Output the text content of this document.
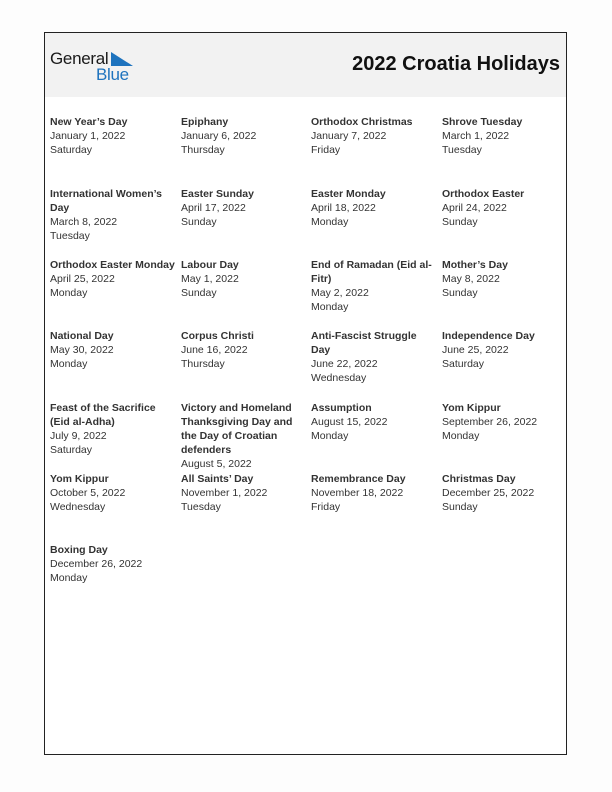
General
Blue	2022 Croatia Holidays
New Year’s Day
January 1, 2022
Saturday
Epiphany
January 6, 2022
Thursday
Orthodox Christmas
January 7, 2022
Friday
Shrove Tuesday
March 1, 2022
Tuesday
International Women’s Day
March 8, 2022
Tuesday
Easter Sunday
April 17, 2022
Sunday
Easter Monday
April 18, 2022
Monday
Orthodox Easter
April 24, 2022
Sunday
Orthodox Easter Monday
April 25, 2022
Monday
Labour Day
May 1, 2022
Sunday
End of Ramadan (Eid al-Fitr)
May 2, 2022
Monday
Mother’s Day
May 8, 2022
Sunday
National Day
May 30, 2022
Monday
Corpus Christi
June 16, 2022
Thursday
Anti-Fascist Struggle Day
June 22, 2022
Wednesday
Independence Day
June 25, 2022
Saturday
Feast of the Sacrifice (Eid al-Adha)
July 9, 2022
Saturday
Victory and Homeland Thanksgiving Day and the Day of Croatian defenders
August 5, 2022
Assumption
August 15, 2022
Monday
Yom Kippur
September 26, 2022
Monday
Yom Kippur
October 5, 2022
Wednesday
All Saints’ Day
November 1, 2022
Tuesday
Remembrance Day
November 18, 2022
Friday
Christmas Day
December 25, 2022
Sunday
Boxing Day
December 26, 2022
Monday
